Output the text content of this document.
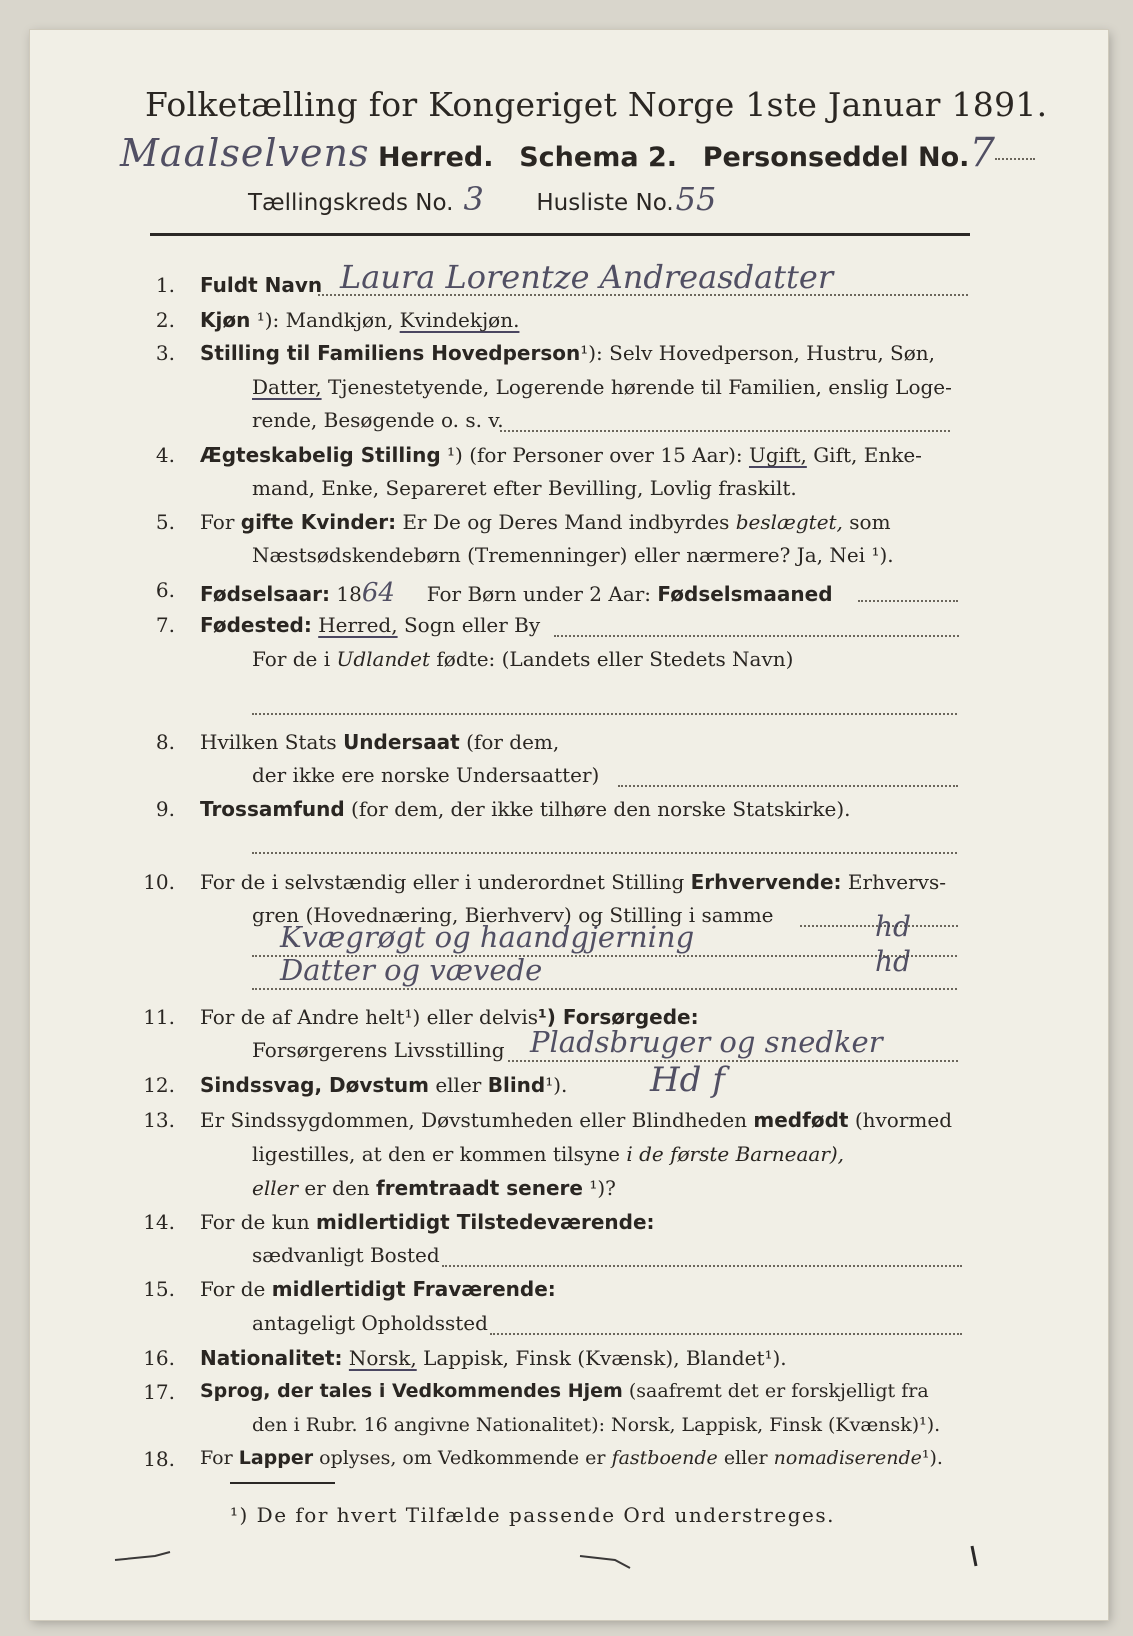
Folketælling for Kongeriget Norge 1ste Januar 1891.
Maalselvens Herred. Schema 2. Personseddel No.7
Tællingskreds No. 3 Husliste No.55
1. Fuldt Navn Laura Lorentze Andreasdatter
2. Kjøn ¹): Mandkjøn, Kvindekjøn.
3. Stilling til Familiens Hovedperson¹): Selv Hovedperson, Hustru, Søn,
Datter, Tjenestetyende, Logerende hørende til Familien, enslig Loge-
rende, Besøgende o. s. v.
4. Ægteskabelig Stilling ¹) (for Personer over 15 Aar): Ugift, Gift, Enke-
mand, Enke, Separeret efter Bevilling, Lovlig fraskilt.
5. For gifte Kvinder: Er De og Deres Mand indbyrdes beslægtet, som
Næstsødskendebørn (Tremenninger) eller nærmere? Ja, Nei ¹).
6. Fødselsaar: 1864 For Børn under 2 Aar: Fødselsmaaned
7. Fødested: Herred, Sogn eller By
For de i Udlandet fødte: (Landets eller Stedets Navn)
8. Hvilken Stats Undersaat (for dem,
der ikke ere norske Undersaatter)
9. Trossamfund (for dem, der ikke tilhøre den norske Statskirke).
10. For de i selvstændig eller i underordnet Stilling Erhvervende: Erhvervs-
gren (Hovednæring, Bierhverv) og Stilling i samme
Kvægrøgt og haandgjerning	hd
Datter og vævede	hd
11. For de af Andre helt¹) eller delvis¹) Forsørgede:
Forsørgerens Livsstilling Pladsbruger og snedker
12. Sindssvag, Døvstum eller Blind¹). Hd f
13. Er Sindssygdommen, Døvstumheden eller Blindheden medfødt (hvormed
ligestilles, at den er kommen tilsyne i de første Barneaar),
eller er den fremtraadt senere ¹)?
14. For de kun midlertidigt Tilstedeværende:
sædvanligt Bosted
15. For de midlertidigt Fraværende:
antageligt Opholdssted
16. Nationalitet: Norsk, Lappisk, Finsk (Kvænsk), Blandet¹).
17. Sprog, der tales i Vedkommendes Hjem (saafremt det er forskjelligt fra
den i Rubr. 16 angivne Nationalitet): Norsk, Lappisk, Finsk (Kvænsk)¹).
18. For Lapper oplyses, om Vedkommende er fastboende eller nomadiserende¹).
¹) De for hvert Tilfælde passende Ord understreges.
